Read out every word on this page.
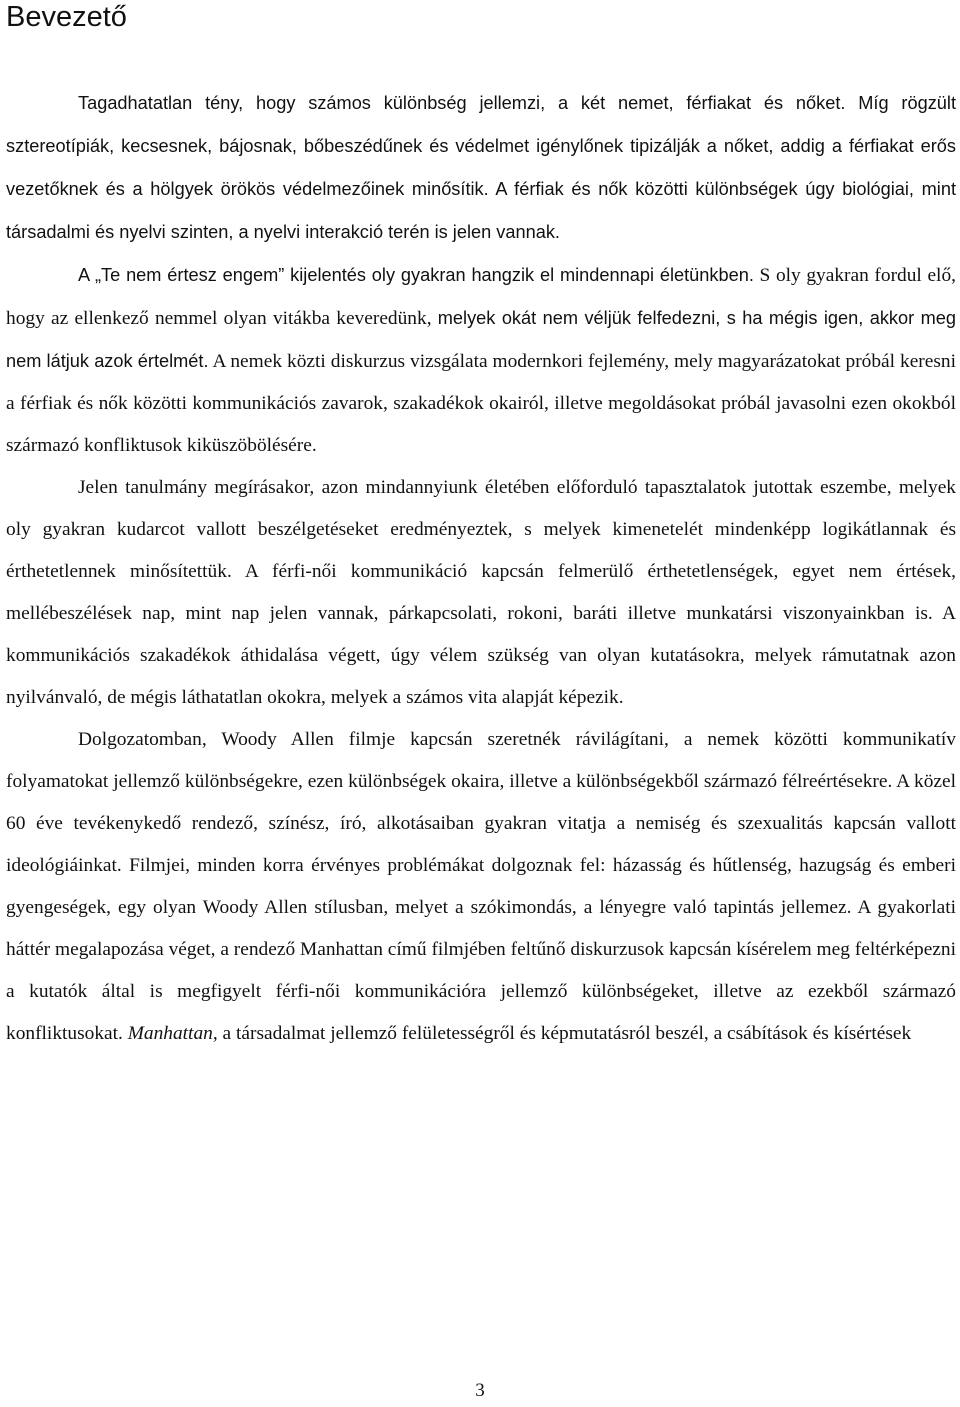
Bevezető

Tagadhatatlan tény, hogy számos különbség jellemzi, a két nemet, férfiakat és nőket. Míg rögzült sztereotípiák, kecsesnek, bájosnak, bőbeszédűnek és védelmet igénylőnek tipizálják a nőket, addig a férfiakat erős vezetőknek és a hölgyek örökös védelmezőinek minősítik. A férfiak és nők közötti különbségek úgy biológiai, mint társadalmi és nyelvi szinten, a nyelvi interakció terén is jelen vannak.

A „Te nem értesz engem” kijelentés oly gyakran hangzik el mindennapi életünkben. S oly gyakran fordul elő, hogy az ellenkező nemmel olyan vitákba keveredünk, melyek okát nem véljük felfedezni, s ha mégis igen, akkor meg nem látjuk azok értelmét. A nemek közti diskurzus vizsgálata modernkori fejlemény, mely magyarázatokat próbál keresni a férfiak és nők közötti kommunikációs zavarok, szakadékok okairól, illetve megoldásokat próbál javasolni ezen okokból származó konfliktusok kiküszöbölésére.

Jelen tanulmány megírásakor, azon mindannyiunk életében előforduló tapasztalatok jutottak eszembe, melyek oly gyakran kudarcot vallott beszélgetéseket eredményeztek, s melyek kimenetelét mindenképp logikátlannak és érthetetlennek minősítettük. A férfi-női kommunikáció kapcsán felmerülő érthetetlenségek, egyet nem értések, mellébeszélések nap, mint nap jelen vannak, párkapcsolati, rokoni, baráti illetve munkatársi viszonyainkban is. A kommunikációs szakadékok áthidalása végett, úgy vélem szükség van olyan kutatásokra, melyek rámutatnak azon nyilvánvaló, de mégis láthatatlan okokra, melyek a számos vita alapját képezik.

Dolgozatomban, Woody Allen filmje kapcsán szeretnék rávilágítani, a nemek közötti kommunikatív folyamatokat jellemző különbségekre, ezen különbségek okaira, illetve a különbségekből származó félreértésekre. A közel 60 éve tevékenykedő rendező, színész, író, alkotásaiban gyakran vitatja a nemiség és szexualitás kapcsán vallott ideológiáinkat. Filmjei, minden korra érvényes problémákat dolgoznak fel: házasság és hűtlenség, hazugság és emberi gyengeségek, egy olyan Woody Allen stílusban, melyet a szókimondás, a lényegre való tapintás jellemez. A gyakorlati háttér megalapozása véget, a rendező Manhattan című filmjében feltűnő diskurzusok kapcsán kísérelem meg feltérképezni a kutatók által is megfigyelt férfi-női kommunikációra jellemző különbségeket, illetve az ezekből származó konfliktusokat. Manhattan, a társadalmat jellemző felületességről és képmutatásról beszél, a csábítások és kísértések

3
